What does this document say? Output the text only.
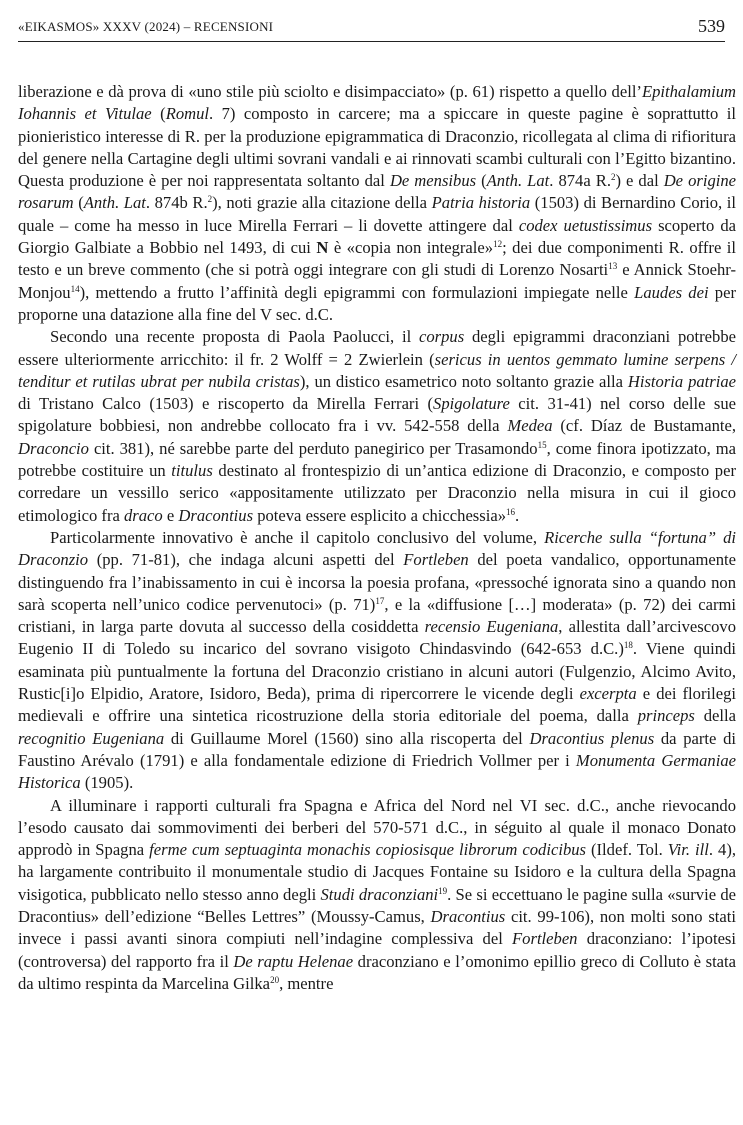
«EIKASMOS» XXXV (2024) – RECENSIONI	539

liberazione e dà prova di «uno stile più sciolto e disimpacciato» (p. 61) rispetto a quello dell’Epithalamium Iohannis et Vitulae (Romul. 7) composto in carcere; ma a spiccare in queste pagine è soprattutto il pionieristico interesse di R. per la produzione epigrammatica di Draconzio, ricollegata al clima di rifioritura del genere nella Cartagine degli ultimi sovrani vandali e ai rinnovati scambi culturali con l’Egitto bizantino. Questa produzione è per noi rappresentata soltanto dal De mensibus (Anth. Lat. 874a R.$^2$) e dal De origine rosarum (Anth. Lat. 874b R.$^2$), noti grazie alla citazione della Patria historia (1503) di Bernardino Corio, il quale – come ha messo in luce Mirella Ferrari – li dovette attingere dal codex uetustissimus scoperto da Giorgio Galbiate a Bobbio nel 1493, di cui N è «copia non integrale»$^{12}$; dei due componimenti R. offre il testo e un breve commento (che si potrà oggi integrare con gli studi di Lorenzo Nosarti$^{13}$ e Annick Stoehr-Monjou$^{14}$), mettendo a frutto l’affinità degli epigrammi con formulazioni impiegate nelle Laudes dei per proporne una datazione alla fine del V sec. d.C.

Secondo una recente proposta di Paola Paolucci, il corpus degli epigrammi draconziani potrebbe essere ulteriormente arricchito: il fr. 2 Wolff = 2 Zwierlein (sericus in uentos gemmato lumine serpens / tenditur et rutilas ubrat per nubila cristas), un distico esametrico noto soltanto grazie alla Historia patriae di Tristano Calco (1503) e riscoperto da Mirella Ferrari (Spigolature cit. 31-41) nel corso delle sue spigolature bobbiesi, non andrebbe collocato fra i vv. 542-558 della Medea (cf. Díaz de Bustamante, Draconcio cit. 381), né sarebbe parte del perduto panegirico per Trasamondo$^{15}$, come finora ipotizzato, ma potrebbe costituire un titulus destinato al frontespizio di un’antica edizione di Draconzio, e composto per corredare un vessillo serico «appositamente utilizzato per Draconzio nella misura in cui il gioco etimologico fra draco e Dracontius poteva essere esplicito a chicchessia»$^{16}$.

Particolarmente innovativo è anche il capitolo conclusivo del volume, Ricerche sulla “fortuna” di Draconzio (pp. 71-81), che indaga alcuni aspetti del Fortleben del poeta vandalico, opportunamente distinguendo fra l’inabissamento in cui è incorsa la poesia profana, «pressoché ignorata sino a quando non sarà scoperta nell’unico codice pervenutoci» (p. 71)$^{17}$, e la «diffusione […] moderata» (p. 72) dei carmi cristiani, in larga parte dovuta al successo della cosiddetta recensio Eugeniana, allestita dall’arcivescovo Eugenio II di Toledo su incarico del sovrano visigoto Chindasvindo (642-653 d.C.)$^{18}$. Viene quindi esaminata più puntualmente la fortuna del Draconzio cristiano in alcuni autori (Fulgenzio, Alcimo Avito, Rustic[i]o Elpidio, Aratore, Isidoro, Beda), prima di ripercorrere le vicende degli excerpta e dei florilegi medievali e offrire una sintetica ricostruzione della storia editoriale del poema, dalla princeps della recognitio Eugeniana di Guillaume Morel (1560) sino alla riscoperta del Dracontius plenus da parte di Faustino Arévalo (1791) e alla fondamentale edizione di Friedrich Vollmer per i Monumenta Germaniae Historica (1905).

A illuminare i rapporti culturali fra Spagna e Africa del Nord nel VI sec. d.C., anche rievocando l’esodo causato dai sommovimenti dei berberi del 570-571 d.C., in séguito al quale il monaco Donato approdò in Spagna ferme cum septuaginta monachis copiosisque librorum codicibus (Ildef. Tol. Vir. ill. 4), ha largamente contribuito il monumentale studio di Jacques Fontaine su Isidoro e la cultura della Spagna visigotica, pubblicato nello stesso anno degli Studi draconziani$^{19}$. Se si eccettuano le pagine sulla «survie de Dracontius» dell’edizione “Belles Lettres” (Moussy-Camus, Dracontius cit. 99-106), non molti sono stati invece i passi avanti sinora compiuti nell’indagine complessiva del Fortleben draconziano: l’ipotesi (controversa) del rapporto fra il De raptu Helenae draconziano e l’omonimo epillio greco di Colluto è stata da ultimo respinta da Marcelina Gilka$^{20}$, mentre
